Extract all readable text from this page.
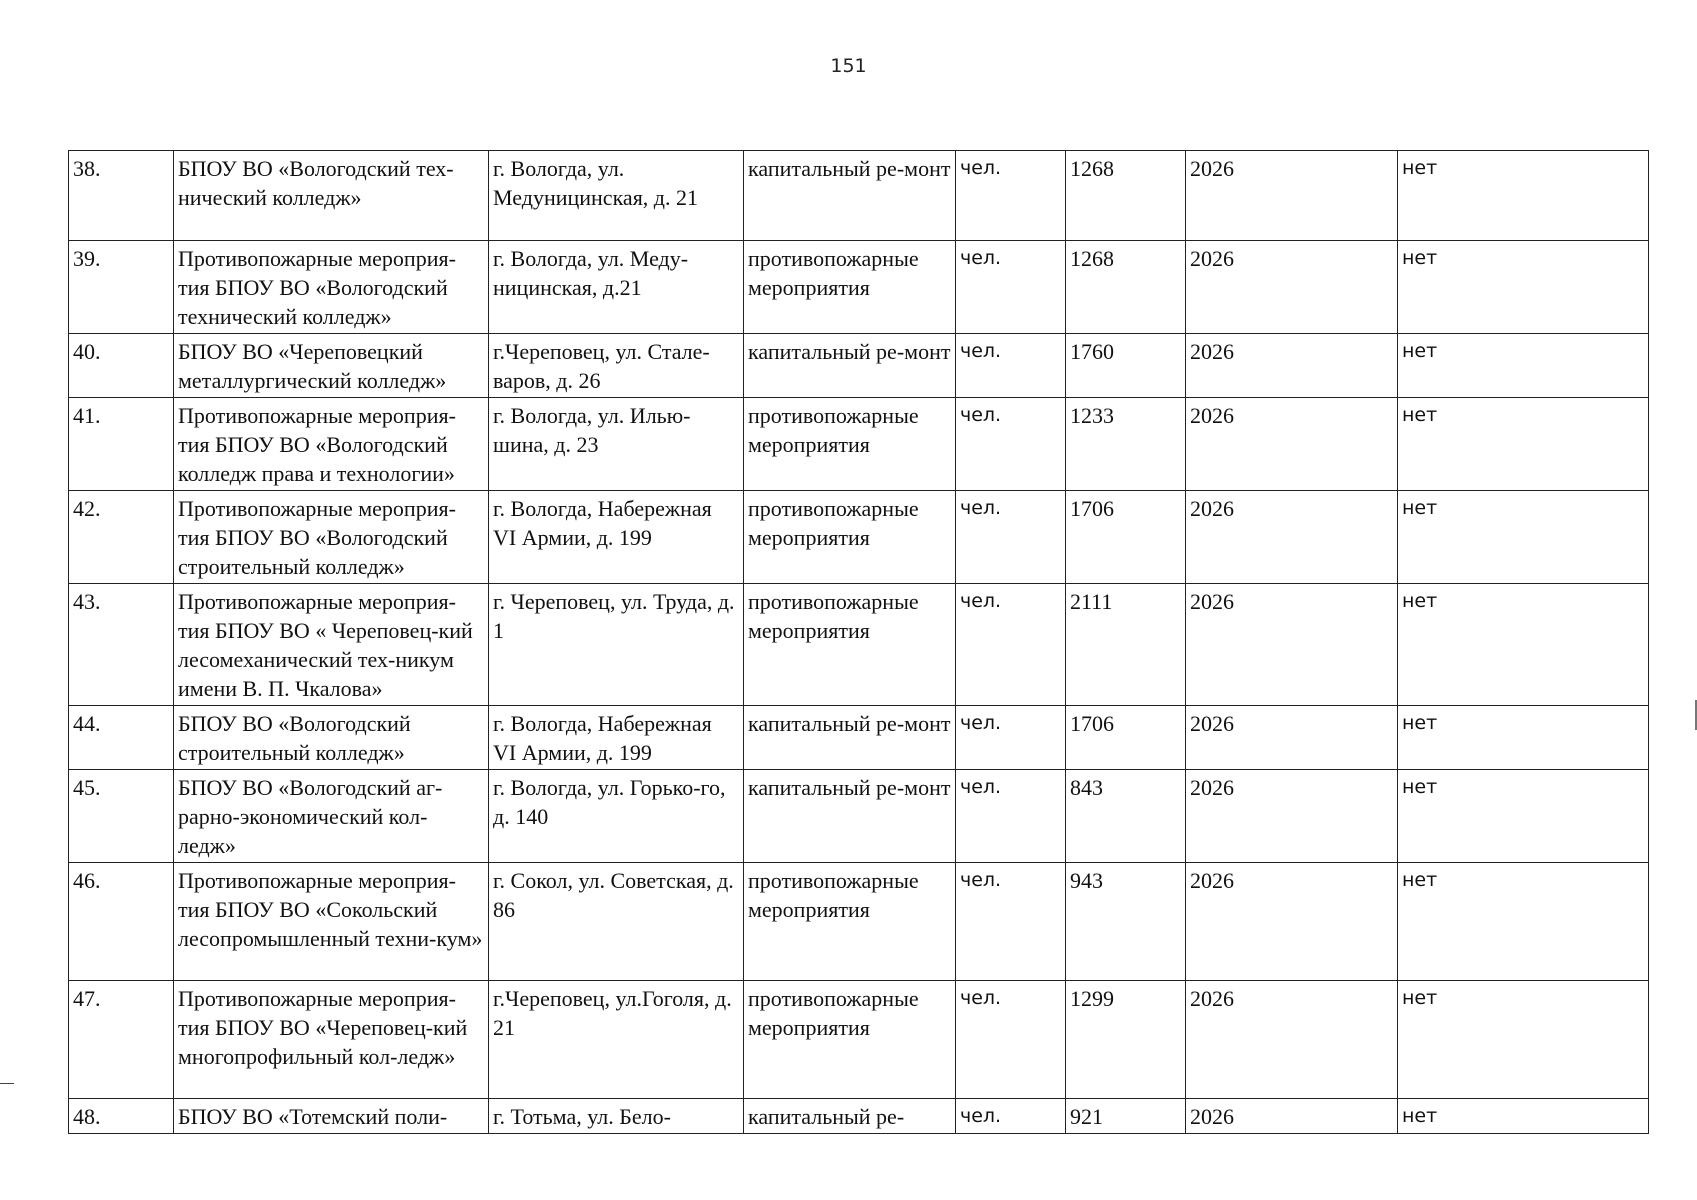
151
38.	БПОУ ВО «Вологодский тех-нический колледж»	г. Вологда, ул. Медуницинская, д. 21	капитальный ре-монт	чел.	1268	2026	нет
39.	Противопожарные мероприя-тия БПОУ ВО «Вологодский технический колледж»	г. Вологда, ул. Меду-ницинская, д.21	противопожарные мероприятия	чел.	1268	2026	нет
40.	БПОУ ВО «Череповецкий металлургический колледж»	г.Череповец, ул. Стале-варов, д. 26	капитальный ре-монт	чел.	1760	2026	нет
41.	Противопожарные мероприя-тия БПОУ ВО «Вологодский колледж права и технологии»	г. Вологда, ул. Илью-шина, д. 23	противопожарные мероприятия	чел.	1233	2026	нет
42.	Противопожарные мероприя-тия БПОУ ВО «Вологодский строительный колледж»	г. Вологда, Набережная VI Армии, д. 199	противопожарные мероприятия	чел.	1706	2026	нет
43.	Противопожарные мероприя-тия БПОУ ВО « Череповец-кий лесомеханический тех-никум имени В. П. Чкалова»	г. Череповец, ул. Труда, д. 1	противопожарные мероприятия	чел.	2111	2026	нет
44.	БПОУ ВО «Вологодский строительный колледж»	г. Вологда, Набережная VI Армии, д. 199	капитальный ре-монт	чел.	1706	2026	нет
45.	БПОУ ВО «Вологодский аг-рарно-экономический кол-ледж»	г. Вологда, ул. Горько-го, д. 140	капитальный ре-монт	чел.	843	2026	нет
46.	Противопожарные мероприя-тия БПОУ ВО «Сокольский лесопромышленный техни-кум»	г. Сокол, ул. Советская, д. 86	противопожарные мероприятия	чел.	943	2026	нет
47.	Противопожарные мероприя-тия БПОУ ВО «Череповец-кий многопрофильный кол-ледж»	г.Череповец, ул.Гоголя, д. 21	противопожарные мероприятия	чел.	1299	2026	нет
48.	БПОУ ВО «Тотемский поли-	г. Тотьма, ул. Бело-	капитальный ре-	чел.	921	2026	нет
